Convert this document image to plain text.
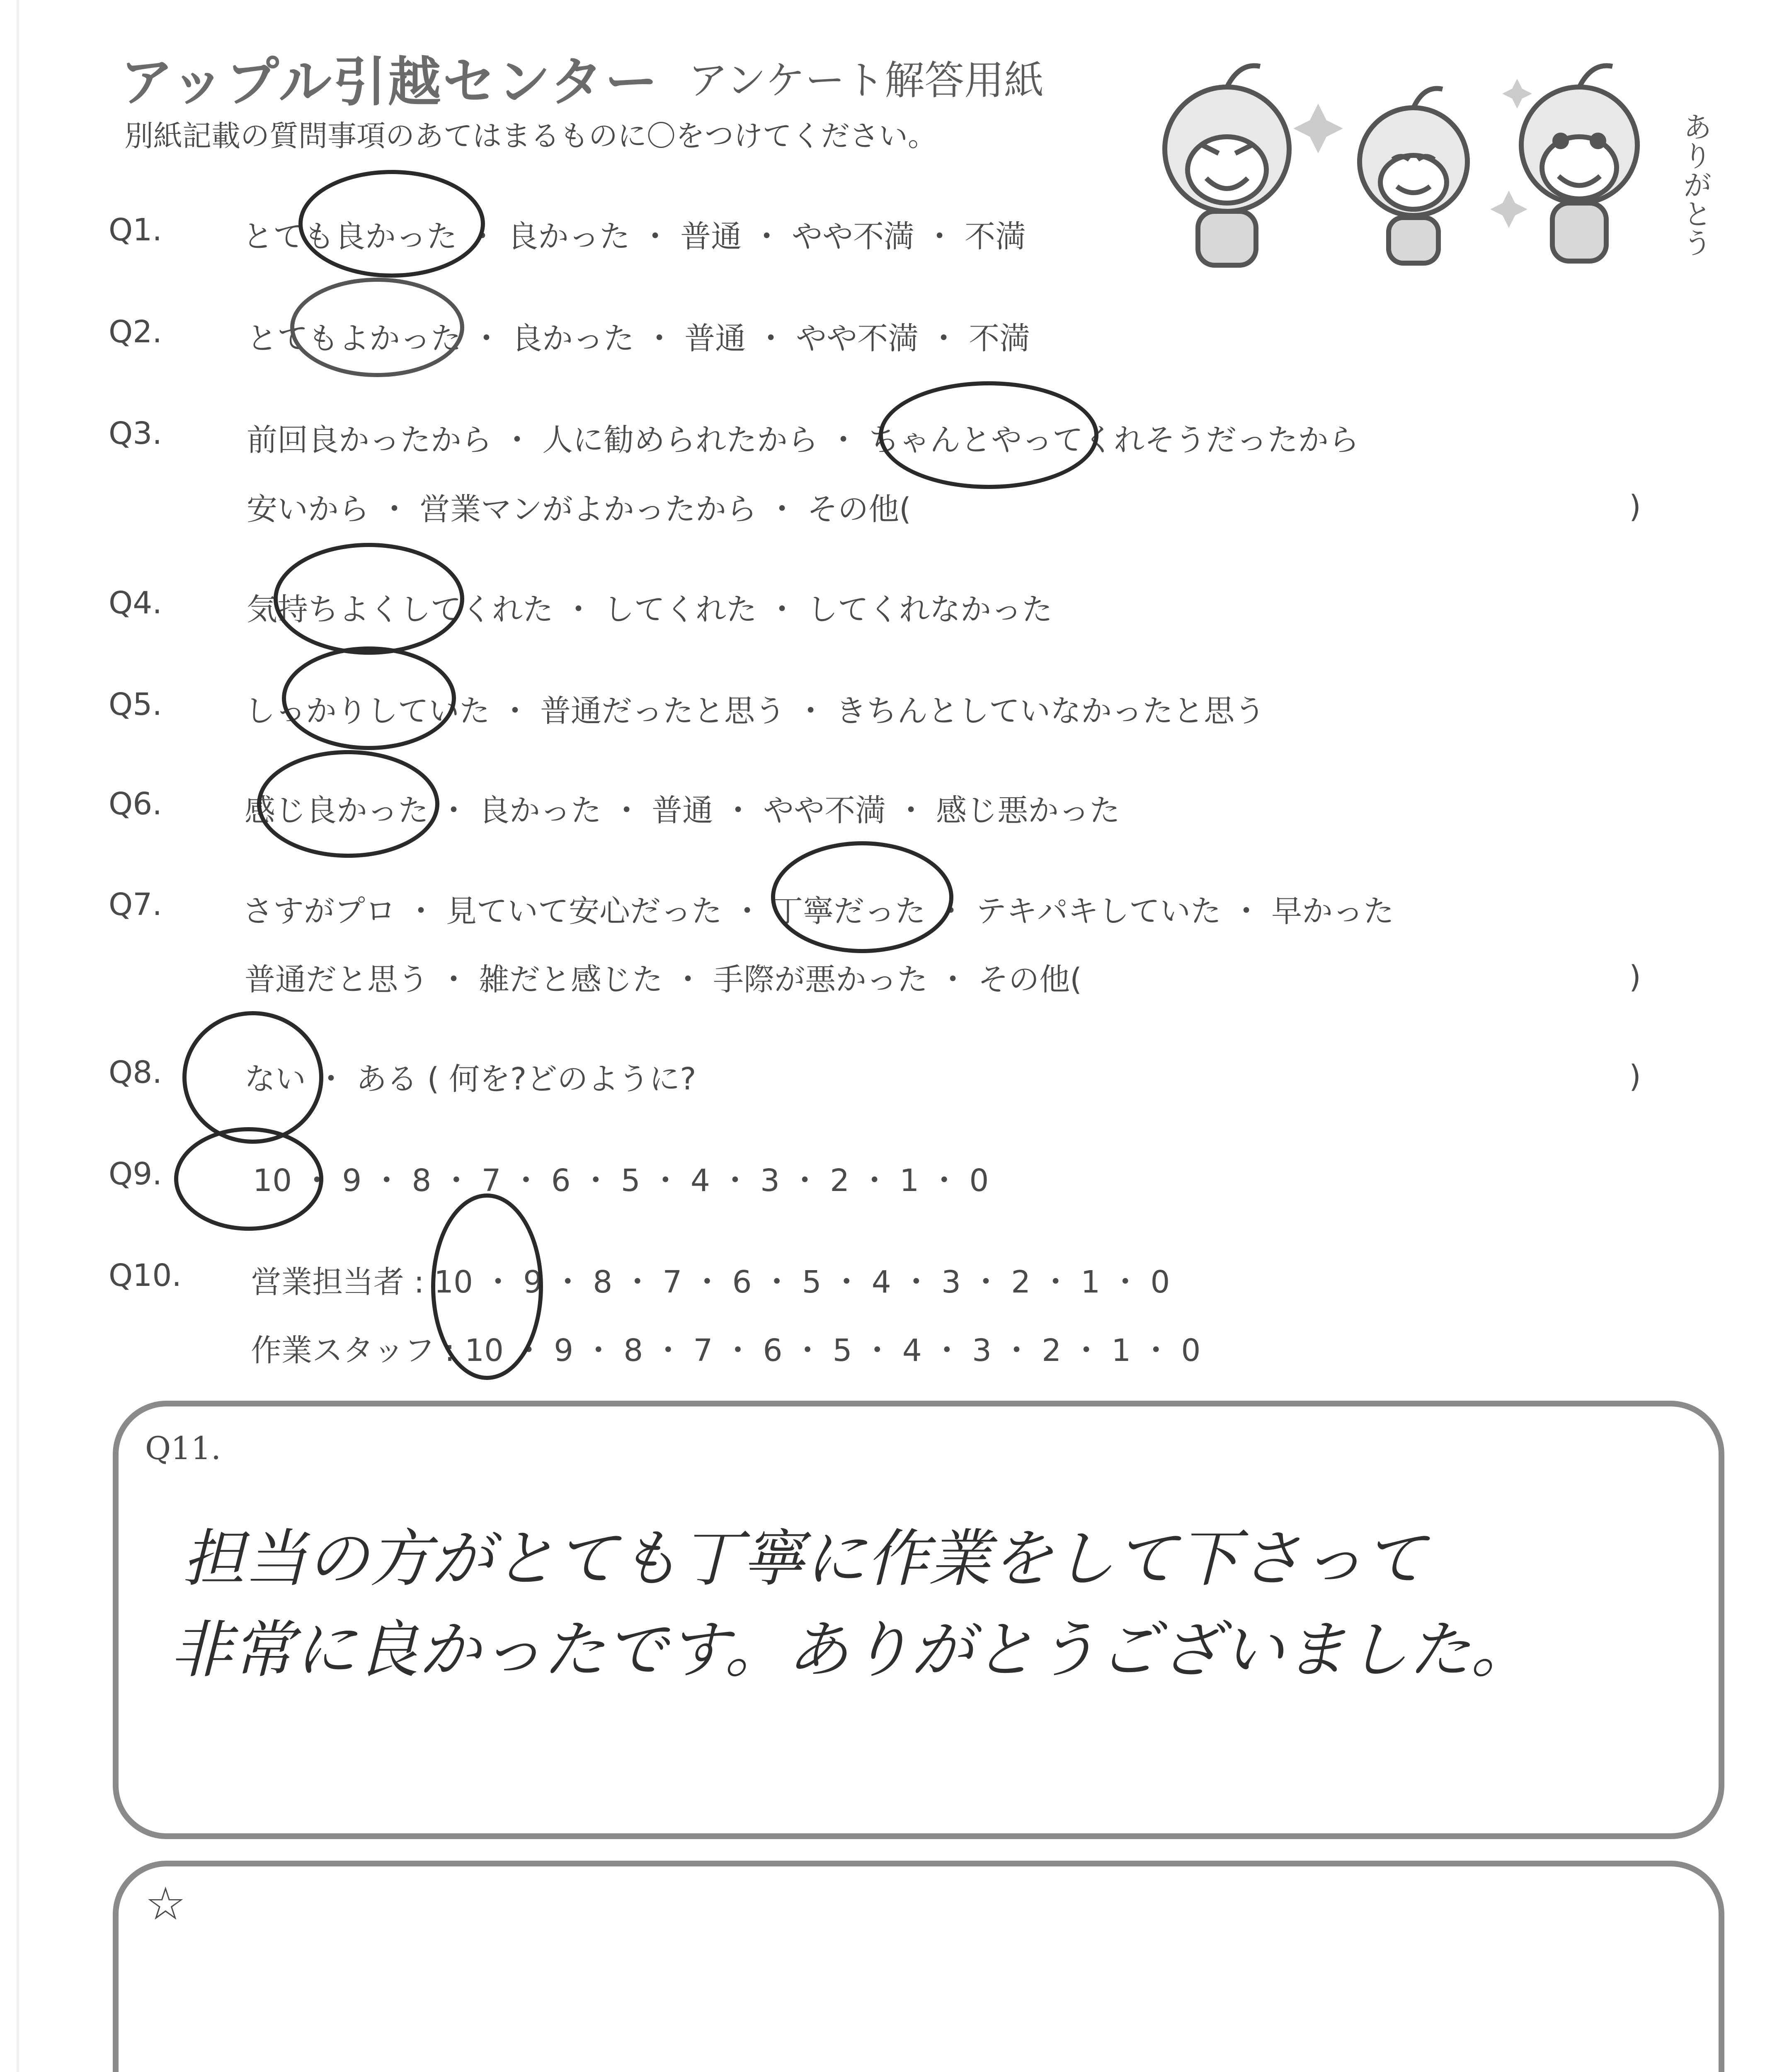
アップル引越センター アンケート解答用紙
別紙記載の質問事項のあてはまるものに〇をつけてください。	ありがとう
Q1.	とても良かった ・ 良かった ・ 普通 ・ やや不満 ・ 不満
Q2.	とてもよかった ・ 良かった ・ 普通 ・ やや不満 ・ 不満
Q3.	前回良かったから ・ 人に勧められたから ・ ちゃんとやってくれそうだったから
安いから ・ 営業マンがよかったから ・ その他(	)
Q4.	気持ちよくしてくれた ・ してくれた ・ してくれなかった
Q5.	しっかりしていた ・ 普通だったと思う ・ きちんとしていなかったと思う
Q6.	感じ良かった ・ 良かった ・ 普通 ・ やや不満 ・ 感じ悪かった
Q7.	さすがプロ ・ 見ていて安心だった ・ 丁寧だった ・ テキパキしていた ・ 早かった
普通だと思う ・ 雑だと感じた ・ 手際が悪かった ・ その他(	)
Q8.	ない ・ ある ( 何を?どのように?	)
Q9.	10 ・ 9 ・ 8 ・ 7 ・ 6 ・ 5 ・ 4 ・ 3 ・ 2 ・ 1 ・ 0
Q10. 営業担当者 : 10 ・ 9 ・ 8 ・ 7 ・ 6 ・ 5 ・ 4 ・ 3 ・ 2 ・ 1 ・ 0
作業スタッフ : 10 ・ 9 ・ 8 ・ 7 ・ 6 ・ 5 ・ 4 ・ 3 ・ 2 ・ 1 ・ 0
Q11.
担当の方がとても丁寧に作業をして下さって
非常に良かったです。ありがとうございました。
☆
